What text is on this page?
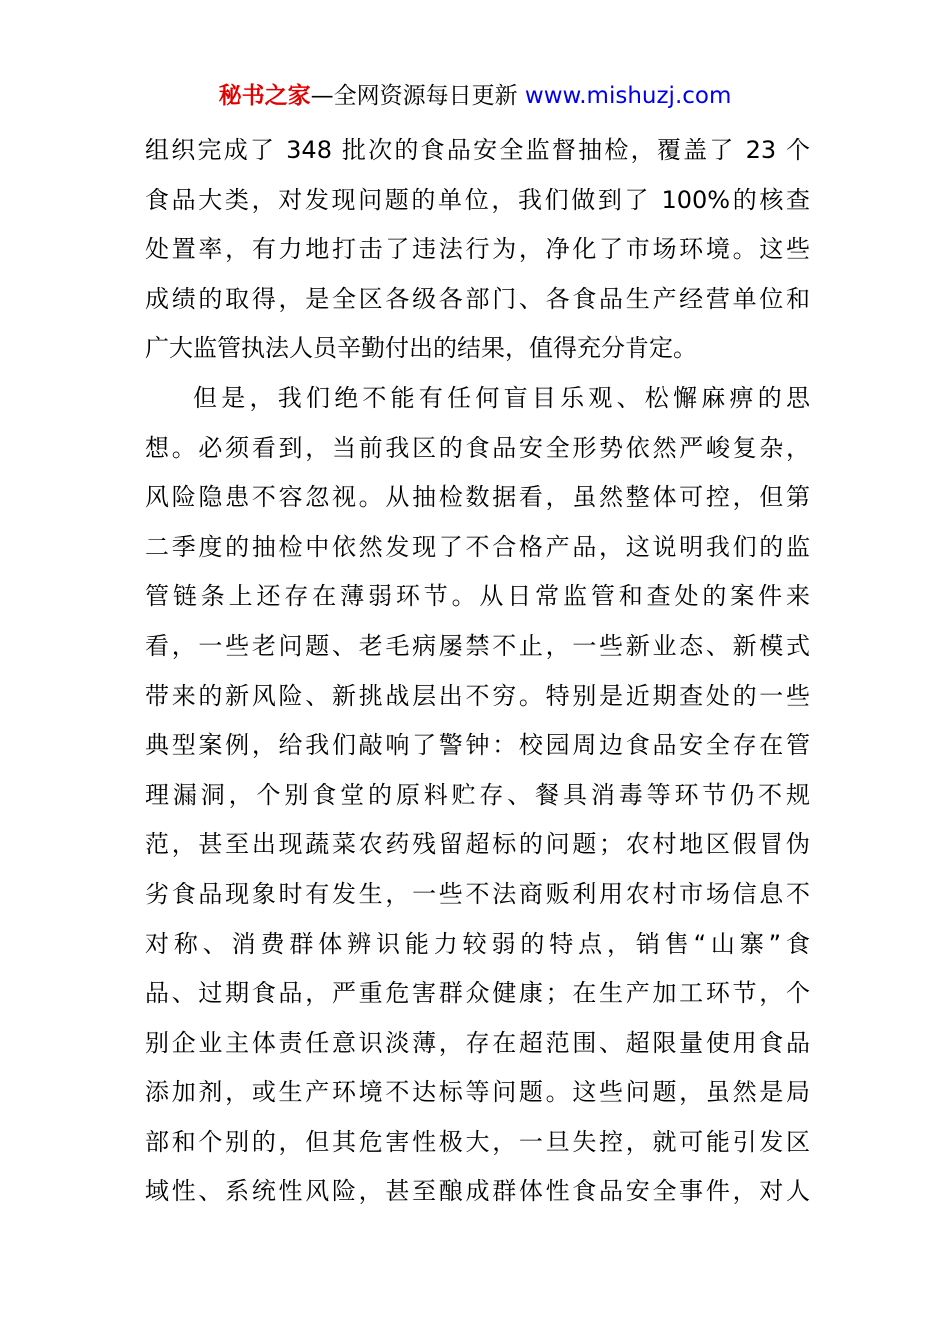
秘书之家—全网资源每日更新 www.mishuzj.com
组织完成了 348 批次的食品安全监督抽检，覆盖了 23 个
食品大类，对发现问题的单位，我们做到了 100%的核查
处置率，有力地打击了违法行为，净化了市场环境。这些
成绩的取得，是全区各级各部门、各食品生产经营单位和
广大监管执法人员辛勤付出的结果，值得充分肯定。
但是，我们绝不能有任何盲目乐观、松懈麻痹的思
想。必须看到，当前我区的食品安全形势依然严峻复杂，
风险隐患不容忽视。从抽检数据看，虽然整体可控，但第
二季度的抽检中依然发现了不合格产品，这说明我们的监
管链条上还存在薄弱环节。从日常监管和查处的案件来
看，一些老问题、老毛病屡禁不止，一些新业态、新模式
带来的新风险、新挑战层出不穷。特别是近期查处的一些
典型案例，给我们敲响了警钟：校园周边食品安全存在管
理漏洞，个别食堂的原料贮存、餐具消毒等环节仍不规
范，甚至出现蔬菜农药残留超标的问题；农村地区假冒伪
劣食品现象时有发生，一些不法商贩利用农村市场信息不
对称、消费群体辨识能力较弱的特点，销售“山寨”食
品、过期食品，严重危害群众健康；在生产加工环节，个
别企业主体责任意识淡薄，存在超范围、超限量使用食品
添加剂，或生产环境不达标等问题。这些问题，虽然是局
部和个别的，但其危害性极大，一旦失控，就可能引发区
域性、系统性风险，甚至酿成群体性食品安全事件，对人
